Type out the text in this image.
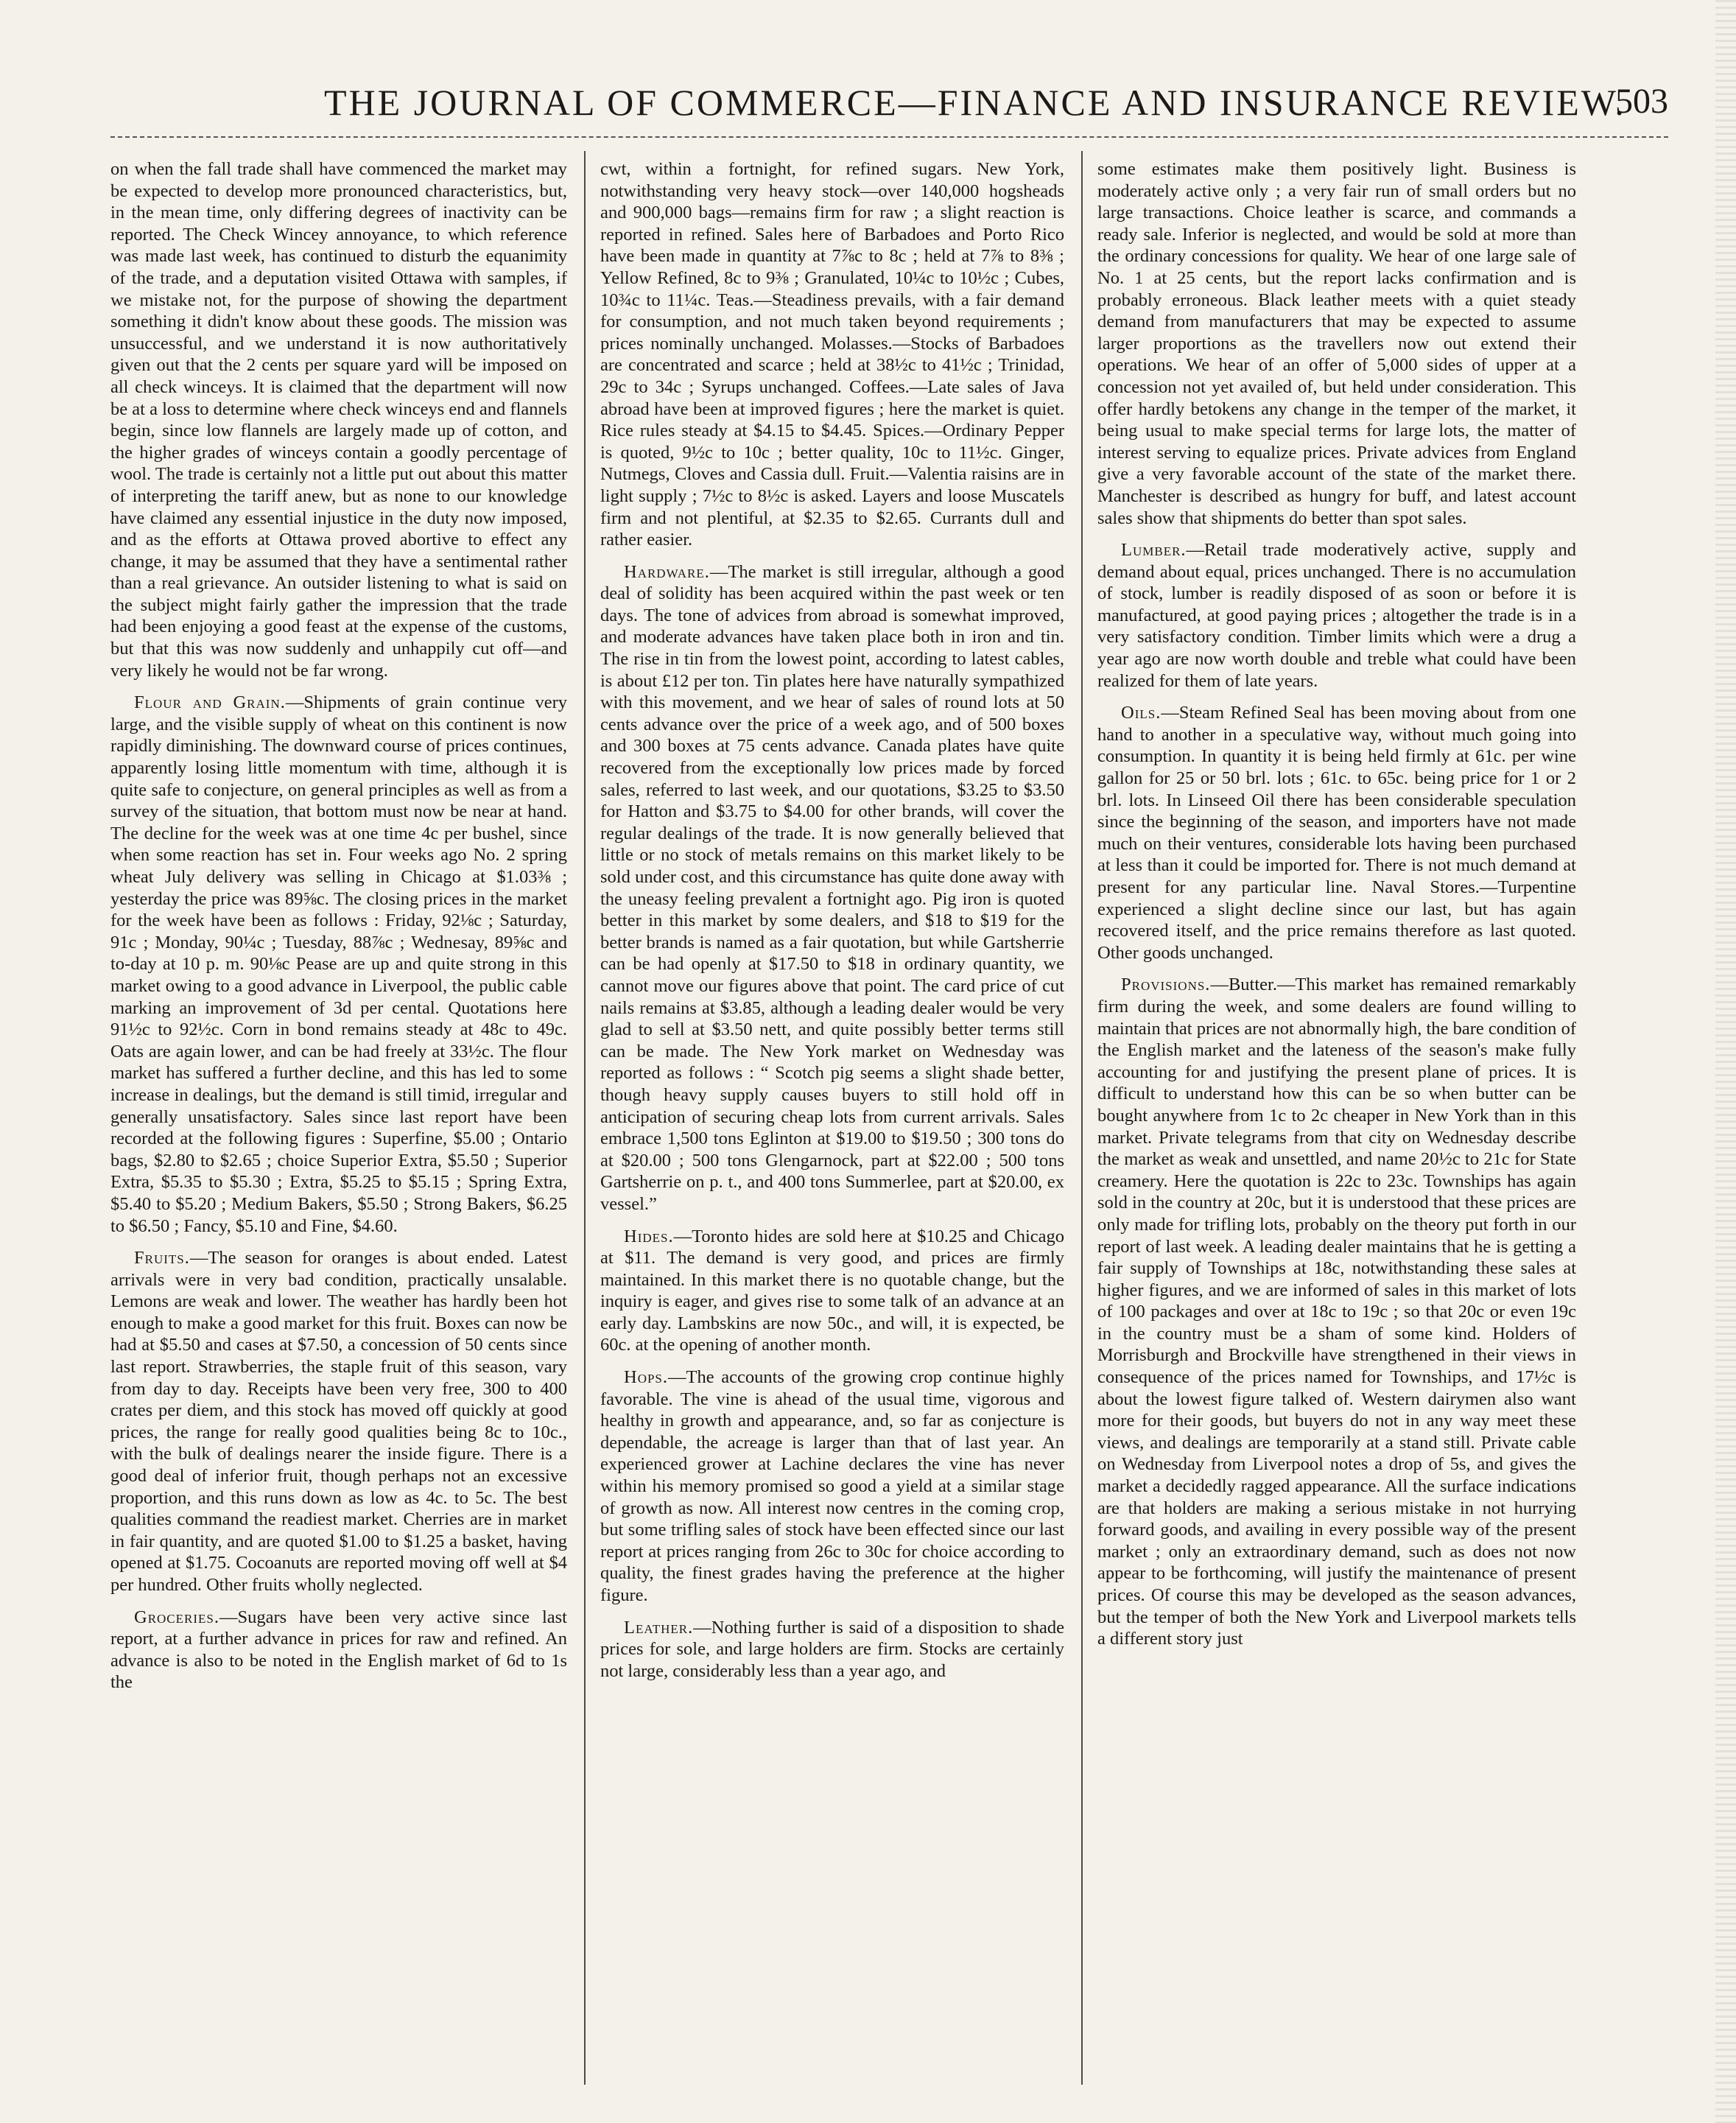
THE JOURNAL OF COMMERCE—FINANCE AND INSURANCE REVIEW.
503

on when the fall trade shall have commenced the market may be expected to develop more pronounced characteristics, but, in the mean time, only differing degrees of inactivity can be reported. The Check Wincey annoyance, to which reference was made last week, has continued to disturb the equanimity of the trade, and a deputation visited Ottawa with samples, if we mistake not, for the purpose of showing the department something it didn't know about these goods. The mission was unsuccessful, and we understand it is now authoritatively given out that the 2 cents per square yard will be imposed on all check winceys. It is claimed that the department will now be at a loss to determine where check winceys end and flannels begin, since low flannels are largely made up of cotton, and the higher grades of winceys contain a goodly percentage of wool. The trade is certainly not a little put out about this matter of interpreting the tariff anew, but as none to our knowledge have claimed any essential injustice in the duty now imposed, and as the efforts at Ottawa proved abortive to effect any change, it may be assumed that they have a sentimental rather than a real grievance. An outsider listening to what is said on the subject might fairly gather the impression that the trade had been enjoying a good feast at the expense of the customs, but that this was now suddenly and unhappily cut off—and very likely he would not be far wrong.

Flour and Grain.—Shipments of grain continue very large, and the visible supply of wheat on this continent is now rapidly diminishing. The downward course of prices continues, apparently losing little momentum with time, although it is quite safe to conjecture, on general principles as well as from a survey of the situation, that bottom must now be near at hand. The decline for the week was at one time 4c per bushel, since when some reaction has set in. Four weeks ago No. 2 spring wheat July delivery was selling in Chicago at $1.03⅜ ; yesterday the price was 89⅝c. The closing prices in the market for the week have been as follows : Friday, 92⅛c ; Saturday, 91c ; Monday, 90¼c ; Tuesday, 88⅞c ; Wednesay, 89⅝c and to-day at 10 p. m. 90⅛c Pease are up and quite strong in this market owing to a good advance in Liverpool, the public cable marking an improvement of 3d per cental. Quotations here 91½c to 92½c. Corn in bond remains steady at 48c to 49c. Oats are again lower, and can be had freely at 33½c. The flour market has suffered a further decline, and this has led to some increase in dealings, but the demand is still timid, irregular and generally unsatisfactory. Sales since last report have been recorded at the following figures : Superfine, $5.00 ; Ontario bags, $2.80 to $2.65 ; choice Superior Extra, $5.50 ; Superior Extra, $5.35 to $5.30 ; Extra, $5.25 to $5.15 ; Spring Extra, $5.40 to $5.20 ; Medium Bakers, $5.50 ; Strong Bakers, $6.25 to $6.50 ; Fancy, $5.10 and Fine, $4.60.

Fruits.—The season for oranges is about ended. Latest arrivals were in very bad condition, practically unsalable. Lemons are weak and lower. The weather has hardly been hot enough to make a good market for this fruit. Boxes can now be had at $5.50 and cases at $7.50, a concession of 50 cents since last report. Strawberries, the staple fruit of this season, vary from day to day. Receipts have been very free, 300 to 400 crates per diem, and this stock has moved off quickly at good prices, the range for really good qualities being 8c to 10c., with the bulk of dealings nearer the inside figure. There is a good deal of inferior fruit, though perhaps not an excessive proportion, and this runs down as low as 4c. to 5c. The best qualities command the readiest market. Cherries are in market in fair quantity, and are quoted $1.00 to $1.25 a basket, having opened at $1.75. Cocoanuts are reported moving off well at $4 per hundred. Other fruits wholly neglected.

Groceries.—Sugars have been very active since last report, at a further advance in prices for raw and refined. An advance is also to be noted in the English market of 6d to 1s the

cwt, within a fortnight, for refined sugars. New York, notwithstanding very heavy stock—over 140,000 hogsheads and 900,000 bags—remains firm for raw ; a slight reaction is reported in refined. Sales here of Barbadoes and Porto Rico have been made in quantity at 7⅞c to 8c ; held at 7⅞ to 8⅜ ; Yellow Refined, 8c to 9⅜ ; Granulated, 10¼c to 10½c ; Cubes, 10¾c to 11¼c. Teas.—Steadiness prevails, with a fair demand for consumption, and not much taken beyond requirements ; prices nominally unchanged. Molasses.—Stocks of Barbadoes are concentrated and scarce ; held at 38½c to 41½c ; Trinidad, 29c to 34c ; Syrups unchanged. Coffees.—Late sales of Java abroad have been at improved figures ; here the market is quiet. Rice rules steady at $4.15 to $4.45. Spices.—Ordinary Pepper is quoted, 9½c to 10c ; better quality, 10c to 11½c. Ginger, Nutmegs, Cloves and Cassia dull. Fruit.—Valentia raisins are in light supply ; 7½c to 8½c is asked. Layers and loose Muscatels firm and not plentiful, at $2.35 to $2.65. Currants dull and rather easier.

Hardware.—The market is still irregular, although a good deal of solidity has been acquired within the past week or ten days. The tone of advices from abroad is somewhat improved, and moderate advances have taken place both in iron and tin. The rise in tin from the lowest point, according to latest cables, is about £12 per ton. Tin plates here have naturally sympathized with this movement, and we hear of sales of round lots at 50 cents advance over the price of a week ago, and of 500 boxes and 300 boxes at 75 cents advance. Canada plates have quite recovered from the exceptionally low prices made by forced sales, referred to last week, and our quotations, $3.25 to $3.50 for Hatton and $3.75 to $4.00 for other brands, will cover the regular dealings of the trade. It is now generally believed that little or no stock of metals remains on this market likely to be sold under cost, and this circumstance has quite done away with the uneasy feeling prevalent a fortnight ago. Pig iron is quoted better in this market by some dealers, and $18 to $19 for the better brands is named as a fair quotation, but while Gartsherrie can be had openly at $17.50 to $18 in ordinary quantity, we cannot move our figures above that point. The card price of cut nails remains at $3.85, although a leading dealer would be very glad to sell at $3.50 nett, and quite possibly better terms still can be made. The New York market on Wednesday was reported as follows : “ Scotch pig seems a slight shade better, though heavy supply causes buyers to still hold off in anticipation of securing cheap lots from current arrivals. Sales embrace 1,500 tons Eglinton at $19.00 to $19.50 ; 300 tons do at $20.00 ; 500 tons Glengarnock, part at $22.00 ; 500 tons Gartsherrie on p. t., and 400 tons Summerlee, part at $20.00, ex vessel.”

Hides.—Toronto hides are sold here at $10.25 and Chicago at $11. The demand is very good, and prices are firmly maintained. In this market there is no quotable change, but the inquiry is eager, and gives rise to some talk of an advance at an early day. Lambskins are now 50c., and will, it is expected, be 60c. at the opening of another month.

Hops.—The accounts of the growing crop continue highly favorable. The vine is ahead of the usual time, vigorous and healthy in growth and appearance, and, so far as conjecture is dependable, the acreage is larger than that of last year. An experienced grower at Lachine declares the vine has never within his memory promised so good a yield at a similar stage of growth as now. All interest now centres in the coming crop, but some trifling sales of stock have been effected since our last report at prices ranging from 26c to 30c for choice according to quality, the finest grades having the preference at the higher figure.

Leather.—Nothing further is said of a disposition to shade prices for sole, and large holders are firm. Stocks are certainly not large, considerably less than a year ago, and

some estimates make them positively light. Business is moderately active only ; a very fair run of small orders but no large transactions. Choice leather is scarce, and commands a ready sale. Inferior is neglected, and would be sold at more than the ordinary concessions for quality. We hear of one large sale of No. 1 at 25 cents, but the report lacks confirmation and is probably erroneous. Black leather meets with a quiet steady demand from manufacturers that may be expected to assume larger proportions as the travellers now out extend their operations. We hear of an offer of 5,000 sides of upper at a concession not yet availed of, but held under consideration. This offer hardly betokens any change in the temper of the market, it being usual to make special terms for large lots, the matter of interest serving to equalize prices. Private advices from England give a very favorable account of the state of the market there. Manchester is described as hungry for buff, and latest account sales show that shipments do better than spot sales.

Lumber.—Retail trade moderatively active, supply and demand about equal, prices unchanged. There is no accumulation of stock, lumber is readily disposed of as soon or before it is manufactured, at good paying prices ; altogether the trade is in a very satisfactory condition. Timber limits which were a drug a year ago are now worth double and treble what could have been realized for them of late years.

Oils.—Steam Refined Seal has been moving about from one hand to another in a speculative way, without much going into consumption. In quantity it is being held firmly at 61c. per wine gallon for 25 or 50 brl. lots ; 61c. to 65c. being price for 1 or 2 brl. lots. In Linseed Oil there has been considerable speculation since the beginning of the season, and importers have not made much on their ventures, considerable lots having been purchased at less than it could be imported for. There is not much demand at present for any particular line. Naval Stores.—Turpentine experienced a slight decline since our last, but has again recovered itself, and the price remains therefore as last quoted. Other goods unchanged.

Provisions.—Butter.—This market has remained remarkably firm during the week, and some dealers are found willing to maintain that prices are not abnormally high, the bare condition of the English market and the lateness of the season's make fully accounting for and justifying the present plane of prices. It is difficult to understand how this can be so when butter can be bought anywhere from 1c to 2c cheaper in New York than in this market. Private telegrams from that city on Wednesday describe the market as weak and unsettled, and name 20½c to 21c for State creamery. Here the quotation is 22c to 23c. Townships has again sold in the country at 20c, but it is understood that these prices are only made for trifling lots, probably on the theory put forth in our report of last week. A leading dealer maintains that he is getting a fair supply of Townships at 18c, notwithstanding these sales at higher figures, and we are informed of sales in this market of lots of 100 packages and over at 18c to 19c ; so that 20c or even 19c in the country must be a sham of some kind. Holders of Morrisburgh and Brockville have strengthened in their views in consequence of the prices named for Townships, and 17½c is about the lowest figure talked of. Western dairymen also want more for their goods, but buyers do not in any way meet these views, and dealings are temporarily at a stand still. Private cable on Wednesday from Liverpool notes a drop of 5s, and gives the market a decidedly ragged appearance. All the surface indications are that holders are making a serious mistake in not hurrying forward goods, and availing in every possible way of the present market ; only an extraordinary demand, such as does not now appear to be forthcoming, will justify the maintenance of present prices. Of course this may be developed as the season advances, but the temper of both the New York and Liverpool markets tells a different story just
